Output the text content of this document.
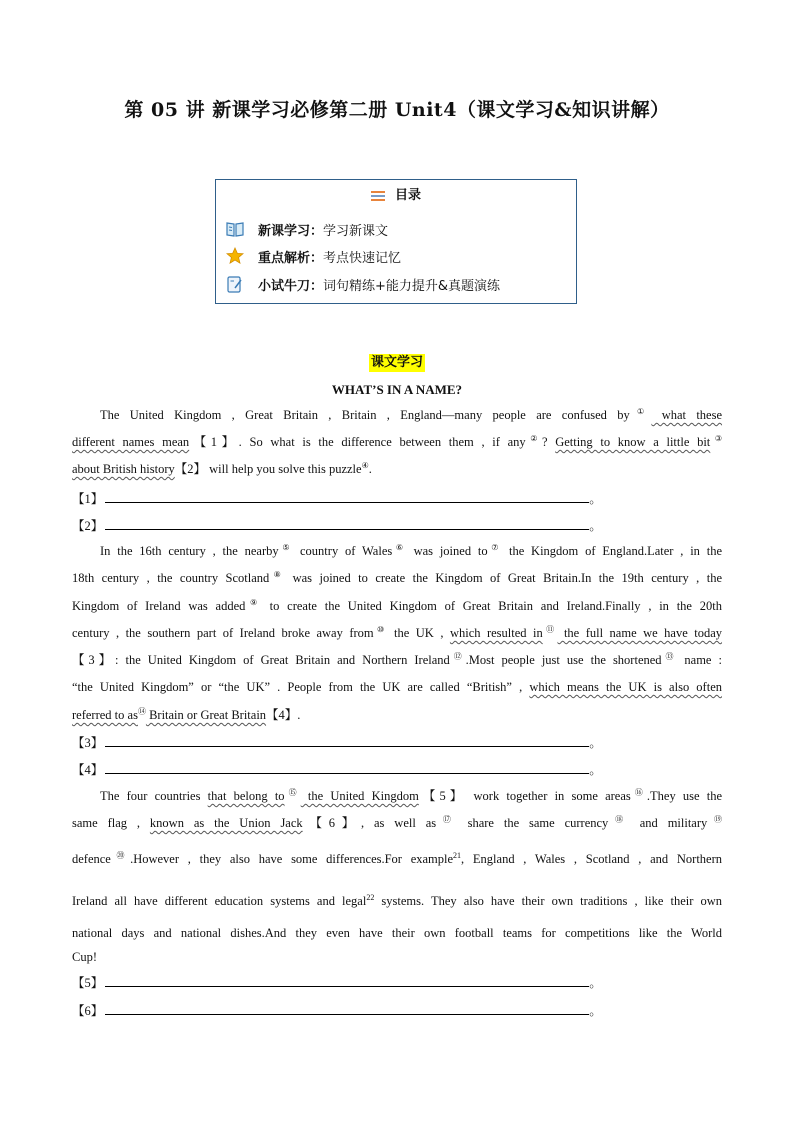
第 05 讲 新课学习必修第二册 Unit4（课文学习&知识讲解）
目录
新课学习： 学习新课文
重点解析： 考点快速记忆
小试牛刀： 词句精练+能力提升&真题演练
课文学习
WHAT’S IN A NAME?
The United Kingdom , Great Britain , Britain , England—many people are confused by① what these
different names mean【1】. So what is the difference between them , if any②? Getting to know a little bit③
about British history【2】 will help you solve this puzzle④.
【1】	。
【2】	。
In the 16th century , the nearby⑤ country of Wales⑥ was joined to⑦ the Kingdom of England.Later , in the
18th century , the country Scotland⑧ was joined to create the Kingdom of Great Britain.In the 19th century , the
Kingdom of Ireland was added⑨ to create the United Kingdom of Great Britain and Ireland.Finally , in the 20th
century , the southern part of Ireland broke away from⑩ the UK , which resulted in⑪ the full name we have today
【3】: the United Kingdom of Great Britain and Northern Ireland⑫.Most people just use the shortened⑬ name :
“the United Kingdom” or “the UK” . People from the UK are called “British” , which means the UK is also often
referred to as⑭ Britain or Great Britain【4】.
【3】	。
【4】	。
The four countries that belong to⑮ the United Kingdom【5】 work together in some areas⑯.They use the
same flag , known as the Union Jack【6】, as well as⑰ share the same currency⑱ and military⑲
defence⑳.However , they also have some differences.For example$^{21}$, England , Wales , Scotland , and Northern
Ireland all have different education systems and legal$^{22}$ systems. They also have their own traditions , like their own
national days and national dishes.And they even have their own football teams for competitions like the World
Cup!
【5】	。
【6】	。
